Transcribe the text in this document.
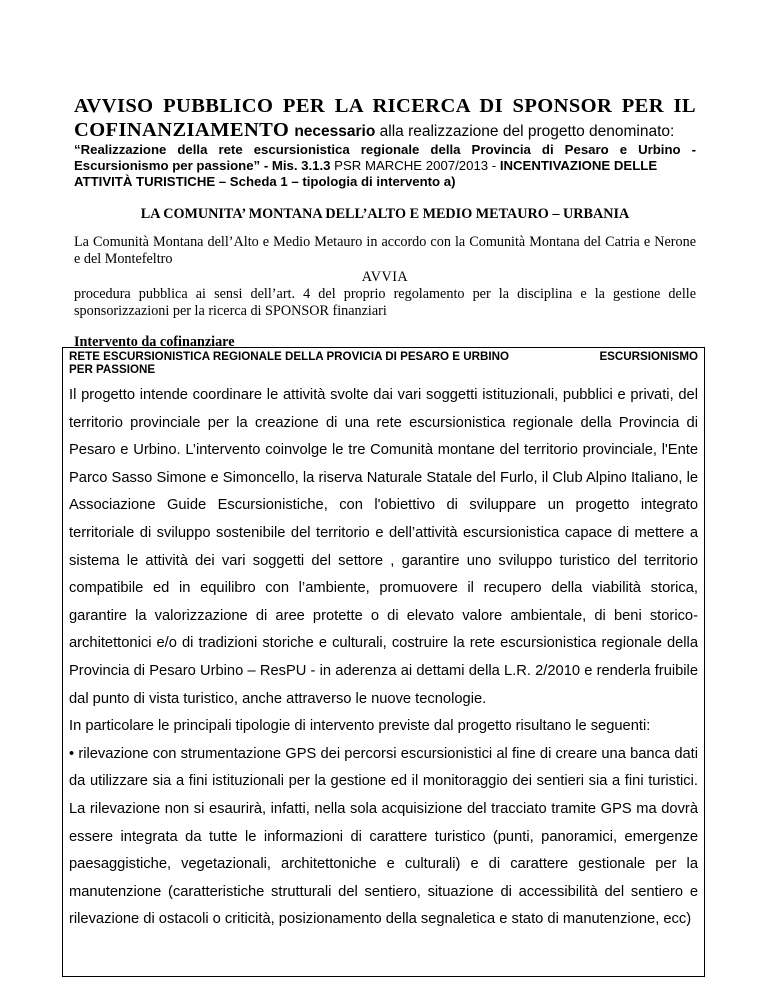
AVVISO PUBBLICO PER LA RICERCA DI SPONSOR PER IL
COFINANZIAMENTO necessario alla realizzazione del progetto denominato:
“Realizzazione della rete escursionistica regionale della Provincia di Pesaro e Urbino -
Escursionismo per passione” - Mis. 3.1.3 PSR MARCHE 2007/2013 - INCENTIVAZIONE DELLE
ATTIVITÀ TURISTICHE – Scheda 1 – tipologia di intervento a)
LA COMUNITA’ MONTANA DELL’ALTO E MEDIO METAURO – URBANIA
La Comunità Montana dell’Alto e Medio Metauro in accordo con la Comunità Montana del Catria e Nerone e del Montefeltro
AVVIA
procedura pubblica ai sensi dell’art. 4 del proprio regolamento per la disciplina e la gestione delle sponsorizzazioni per la ricerca di SPONSOR finanziari
Intervento da cofinanziare
RETE ESCURSIONISTICA REGIONALE DELLA PROVICIA DI PESARO E URBINO	ESCURSIONISMO
PER PASSIONE

Il progetto intende coordinare le attività svolte dai vari soggetti istituzionali, pubblici e privati, del territorio provinciale per la creazione di una rete escursionistica regionale della Provincia di Pesaro e Urbino. L’intervento coinvolge le tre Comunità montane del territorio provinciale, l'Ente Parco Sasso Simone e Simoncello, la riserva Naturale Statale del Furlo, il Club Alpino Italiano, le Associazione Guide Escursionistiche, con l'obiettivo di sviluppare un progetto integrato territoriale di sviluppo sostenibile del territorio e dell’attività escursionistica capace di mettere a sistema le attività dei vari soggetti del settore , garantire uno sviluppo turistico del territorio compatibile ed in equilibro con l’ambiente, promuovere il recupero della viabilità storica, garantire la valorizzazione di aree protette o di elevato valore ambientale, di beni storico-architettonici e/o di tradizioni storiche e culturali, costruire la rete escursionistica regionale della Provincia di Pesaro Urbino – ResPU - in aderenza ai dettami della L.R. 2/2010 e renderla fruibile dal punto di vista turistico, anche attraverso le nuove tecnologie.

In particolare le principali tipologie di intervento previste dal progetto risultano le seguenti:

• rilevazione con strumentazione GPS dei percorsi escursionistici al fine di creare una banca dati da utilizzare sia a fini istituzionali per la gestione ed il monitoraggio dei sentieri sia a fini turistici. La rilevazione non si esaurirà, infatti, nella sola acquisizione del tracciato tramite GPS ma dovrà essere integrata da tutte le informazioni di carattere turistico (punti, panoramici, emergenze paesaggistiche, vegetazionali, architettoniche e culturali) e di carattere gestionale per la manutenzione (caratteristiche strutturali del sentiero, situazione di accessibilità del sentiero e rilevazione di ostacoli o criticità, posizionamento della segnaletica e stato di manutenzione, ecc)
